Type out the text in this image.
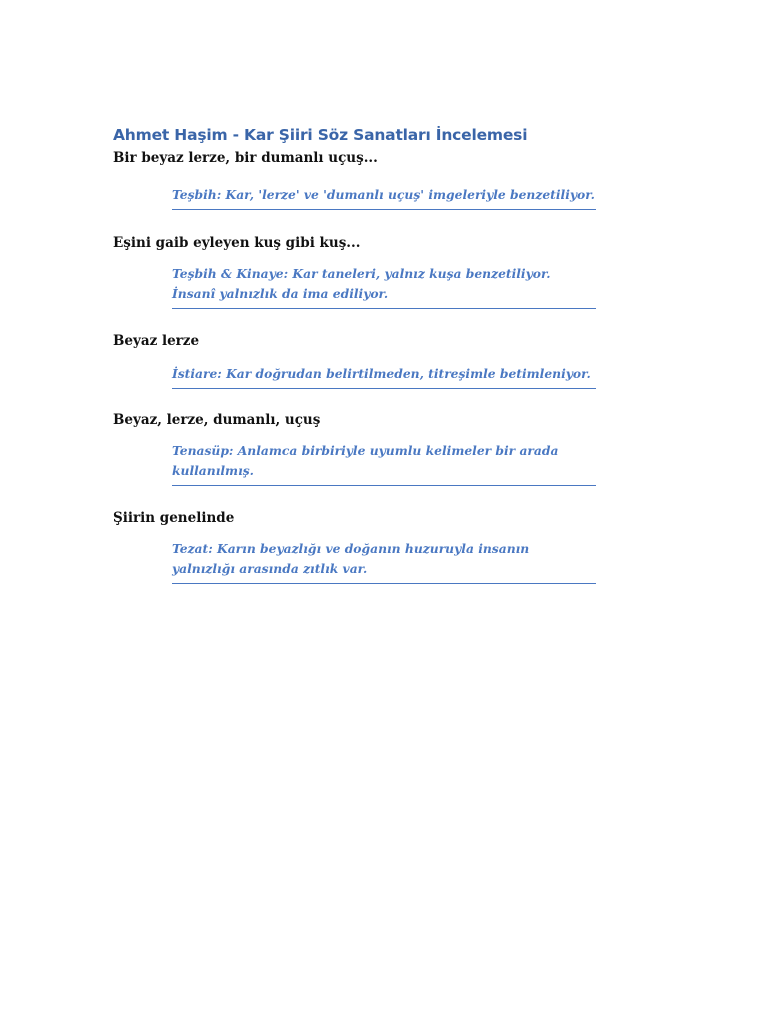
Ahmet Haşim - Kar Şiiri Söz Sanatları İncelemesi

Bir beyaz lerze, bir dumanlı uçuş...

Teşbih: Kar, 'lerze' ve 'dumanlı uçuş' imgeleriyle benzetiliyor.

Eşini gaib eyleyen kuş gibi kuş...

Teşbih & Kinaye: Kar taneleri, yalnız kuşa benzetiliyor. İnsanî yalnızlık da ima ediliyor.

Beyaz lerze

İstiare: Kar doğrudan belirtilmeden, titreşimle betimleniyor.

Beyaz, lerze, dumanlı, uçuş

Tenasüp: Anlamca birbiriyle uyumlu kelimeler bir arada kullanılmış.

Şiirin genelinde

Tezat: Karın beyazlığı ve doğanın huzuruyla insanın yalnızlığı arasında zıtlık var.
